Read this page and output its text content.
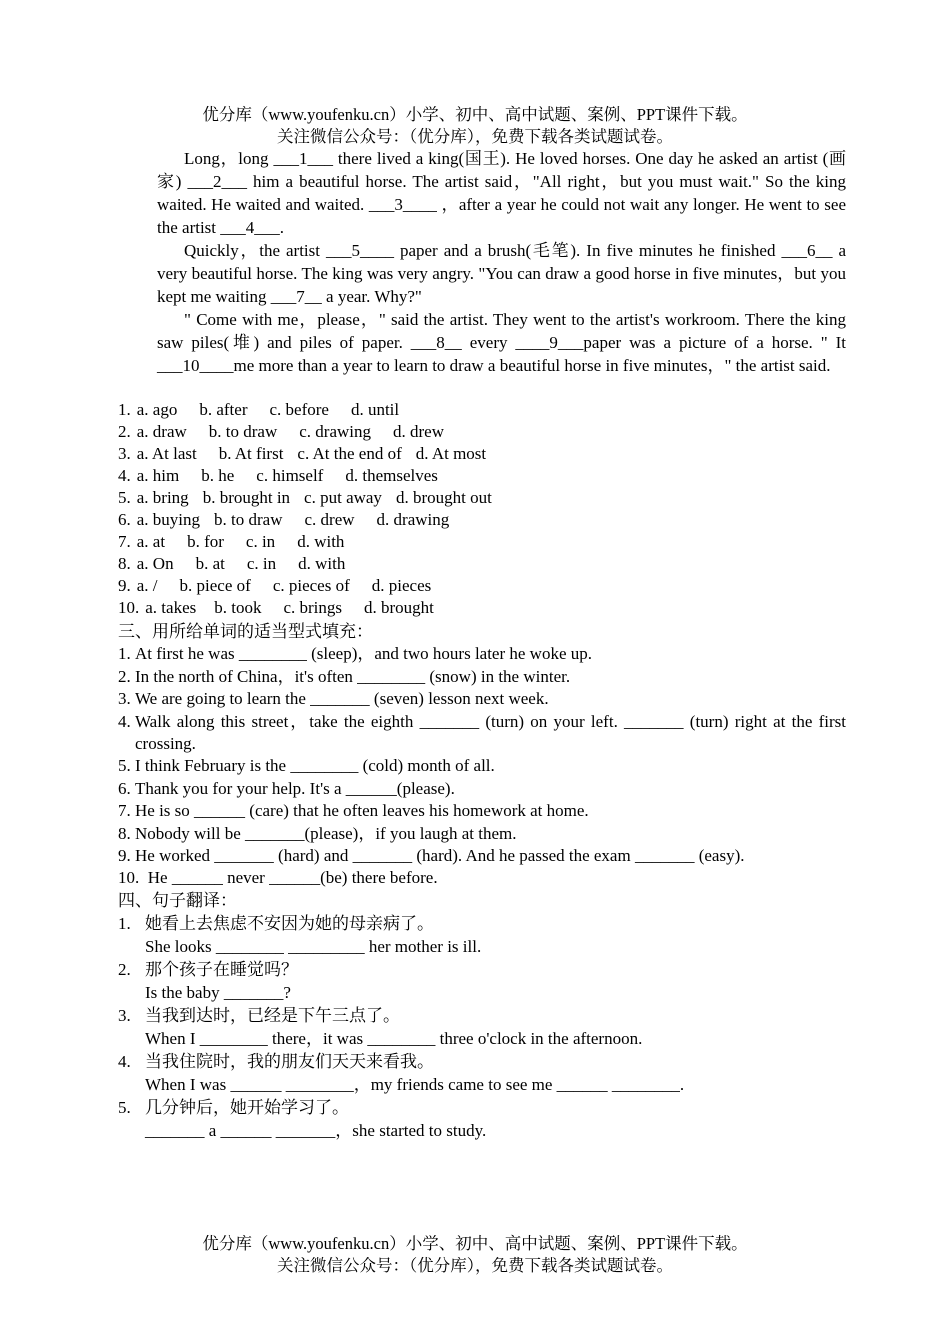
优分库（www.youfenku.cn）小学、初中、高中试题、案例、PPT课件下载。
关注微信公众号：（优分库），免费下载各类试题试卷。

Long，long ___1___ there lived a king(国王). He loved horses. One day he asked an artist (画家) ___2___ him a beautiful horse. The artist said，"All right，but you must wait." So the king waited. He waited and waited. ___3____ ，after a year he could not wait any longer. He went to see the artist ___4___.

Quickly，the artist ___5____ paper and a brush(毛笔). In five minutes he finished ___6__ a very beautiful horse. The king was very angry. "You can draw a good horse in five minutes，but you kept me waiting ___7__ a year. Why?"

" Come with me，please，" said the artist. They went to the artist's workroom. There the king saw piles(堆) and piles of paper. ___8__ every ____9___paper was a picture of a horse. " It ___10____me more than a year to learn to draw a beautiful horse in five minutes，" the artist said.

1. a. ago b. after c. before d. until
2. a. draw b. to draw c. drawing d. drew
3. a. At last b. At first c. At the end of d. At most
4. a. him b. he c. himself d. themselves
5. a. bring b. brought in c. put away d. brought out
6. a. buying b. to draw c. drew d. drawing
7. a. at b. for c. in d. with
8. a. On b. at c. in d. with
9. a. / b. piece of c. pieces of d. pieces
10. a. takes b. took c. brings d. brought
三、用所给单词的适当型式填充：
1. At first he was ________ (sleep)，and two hours later he woke up.
2. In the north of China，it's often ________ (snow) in the winter.
3. We are going to learn the _______ (seven) lesson next week.
4. Walk along this street，take the eighth _______ (turn) on your left. _______ (turn) right at the first crossing.
5. I think February is the ________ (cold) month of all.
6. Thank you for your help. It's a ______(please).
7. He is so ______ (care) that he often leaves his homework at home.
8. Nobody will be _______(please)，if you laugh at them.
9. He worked _______ (hard) and _______ (hard). And he passed the exam _______ (easy).
10. He ______ never ______(be) there before.
四、句子翻译：
1. 她看上去焦虑不安因为她的母亲病了。
She looks ________ _________ her mother is ill.
2. 那个孩子在睡觉吗？
Is the baby _______?
3. 当我到达时，已经是下午三点了。
When I ________ there，it was ________ three o'clock in the afternoon.
4. 当我住院时，我的朋友们天天来看我。
When I was ______ ________，my friends came to see me ______ ________.
5. 几分钟后，她开始学习了。
_______ a ______ _______，she started to study.
优分库（www.youfenku.cn）小学、初中、高中试题、案例、PPT课件下载。
关注微信公众号：（优分库），免费下载各类试题试卷。
